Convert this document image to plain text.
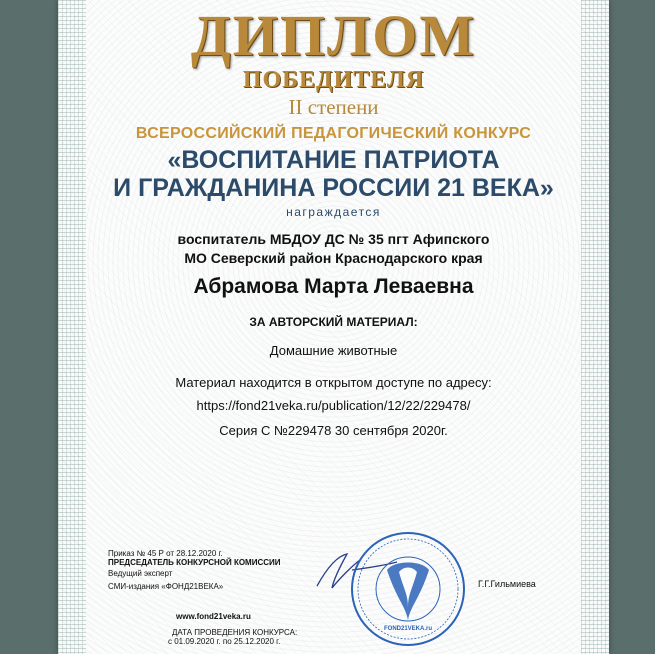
ДИПЛОМ
ПОБЕДИТЕЛЯ
II степени
ВСЕРОССИЙСКИЙ ПЕДАГОГИЧЕСКИЙ КОНКУРС
«ВОСПИТАНИЕ ПАТРИОТА
И ГРАЖДАНИНА РОССИИ 21 ВЕКА»
награждается
воспитатель МБДОУ ДС № 35 пгт Афипского
МО Северский район Краснодарского края
Абрамова Марта Леваевна
ЗА АВТОРСКИЙ МАТЕРИАЛ:
Домашние животные
Материал находится в открытом доступе по адресу:
https://fond21veka.ru/publication/12/22/229478/
Серия С №229478 30 сентября 2020г.
Приказ № 45 Р от 28.12.2020 г.
ПРЕДСЕДАТЕЛЬ КОНКУРСНОЙ КОМИССИИ
Ведущий эксперт
СМИ-издания «ФОНД21ВЕКА»
www.fond21veka.ru
ДАТА ПРОВЕДЕНИЯ КОНКУРСА:
с 01.09.2020 г. по 25.12.2020 г.
Г.Г.Гильмиева
FOND21VEKA.ru
